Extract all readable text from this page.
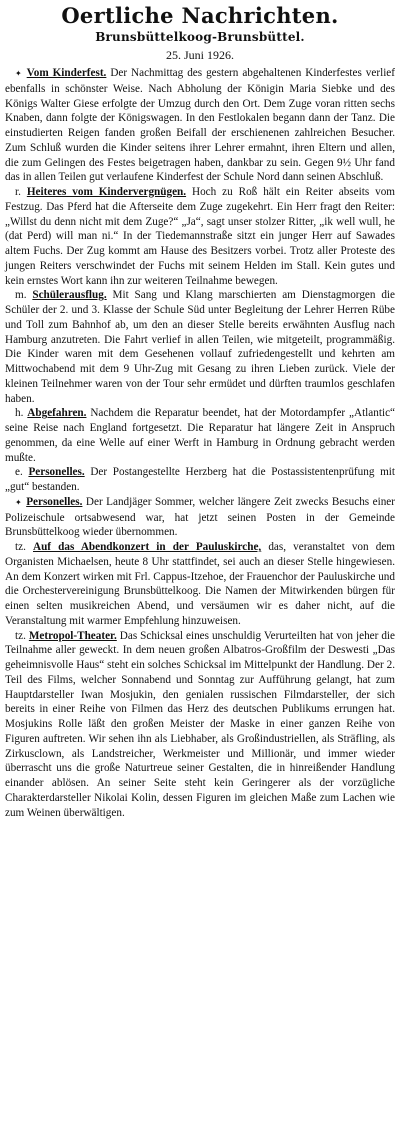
Oertliche Nachrichten.
Brunsbüttelkoog-Brunsbüttel.
25. Juni 1926.

✦ Vom Kinderfest. Der Nachmittag des gestern abgehaltenen Kinderfestes verlief ebenfalls in schönster Weise. Nach Abholung der Königin Maria Siebke und des Königs Walter Giese erfolgte der Umzug durch den Ort. Dem Zuge voran ritten sechs Knaben, dann folgte der Königswagen. In den Festlokalen begann dann der Tanz. Die einstudierten Reigen fanden großen Beifall der erschienenen zahlreichen Besucher. Zum Schluß wurden die Kinder seitens ihrer Lehrer ermahnt, ihren Eltern und allen, die zum Gelingen des Festes beigetragen haben, dankbar zu sein. Gegen 9½ Uhr fand das in allen Teilen gut verlaufene Kinderfest der Schule Nord dann seinen Abschluß.

r. Heiteres vom Kindervergnügen. Hoch zu Roß hält ein Reiter abseits vom Festzug. Das Pferd hat die Afterseite dem Zuge zugekehrt. Ein Herr fragt den Reiter: „Willst du denn nicht mit dem Zuge?“ „Ja“, sagt unser stolzer Ritter, „ik well wull, he (dat Perd) will man ni.“ In der Tiedemannstraße sitzt ein junger Herr auf Sawades altem Fuchs. Der Zug kommt am Hause des Besitzers vorbei. Trotz aller Proteste des jungen Reiters verschwindet der Fuchs mit seinem Helden im Stall. Kein gutes und kein ernstes Wort kann ihn zur weiteren Teilnahme bewegen.

m. Schülerausflug. Mit Sang und Klang marschierten am Dienstagmorgen die Schüler der 2. und 3. Klasse der Schule Süd unter Begleitung der Lehrer Herren Rübe und Toll zum Bahnhof ab, um den an dieser Stelle bereits erwähnten Ausflug nach Hamburg anzutreten. Die Fahrt verlief in allen Teilen, wie mitgeteilt, programmäßig. Die Kinder waren mit dem Gesehenen vollauf zufriedengestellt und kehrten am Mittwochabend mit dem 9 Uhr-Zug mit Gesang zu ihren Lieben zurück. Viele der kleinen Teilnehmer waren von der Tour sehr ermüdet und dürften traumlos geschlafen haben.

h. Abgefahren. Nachdem die Reparatur beendet, hat der Motordampfer „Atlantic“ seine Reise nach England fortgesetzt. Die Reparatur hat längere Zeit in Anspruch genommen, da eine Welle auf einer Werft in Hamburg in Ordnung gebracht werden mußte.

e. Personelles. Der Postangestellte Herzberg hat die Postassistentenprüfung mit „gut“ bestanden.

✦ Personelles. Der Landjäger Sommer, welcher längere Zeit zwecks Besuchs einer Polizeischule ortsabwesend war, hat jetzt seinen Posten in der Gemeinde Brunsbüttelkoog wieder übernommen.

tz. Auf das Abendkonzert in der Pauluskirche, das, veranstaltet von dem Organisten Michaelsen, heute 8 Uhr stattfindet, sei auch an dieser Stelle hingewiesen. An dem Konzert wirken mit Frl. Cappus-Itzehoe, der Frauenchor der Pauluskirche und die Orchestervereinigung Brunsbüttelkoog. Die Namen der Mitwirkenden bürgen für einen selten musikreichen Abend, und versäumen wir es daher nicht, auf die Veranstaltung mit warmer Empfehlung hinzuweisen.

tz. Metropol-Theater. Das Schicksal eines unschuldig Verurteilten hat von jeher die Teilnahme aller geweckt. In dem neuen großen Albatros-Großfilm der Deswesti „Das geheimnisvolle Haus“ steht ein solches Schicksal im Mittelpunkt der Handlung. Der 2. Teil des Films, welcher Sonnabend und Sonntag zur Aufführung gelangt, hat zum Hauptdarsteller Iwan Mosjukin, den genialen russischen Filmdarsteller, der sich bereits in einer Reihe von Filmen das Herz des deutschen Publikums errungen hat. Mosjukins Rolle läßt den großen Meister der Maske in einer ganzen Reihe von Figuren auftreten. Wir sehen ihn als Liebhaber, als Großindustriellen, als Sträfling, als Zirkusclown, als Landstreicher, Werkmeister und Millionär, und immer wieder überrascht uns die große Naturtreue seiner Gestalten, die in hinreißender Handlung einander ablösen. An seiner Seite steht kein Geringerer als der vorzügliche Charakterdarsteller Nikolai Kolin, dessen Figuren im gleichen Maße zum Lachen wie zum Weinen überwältigen.
